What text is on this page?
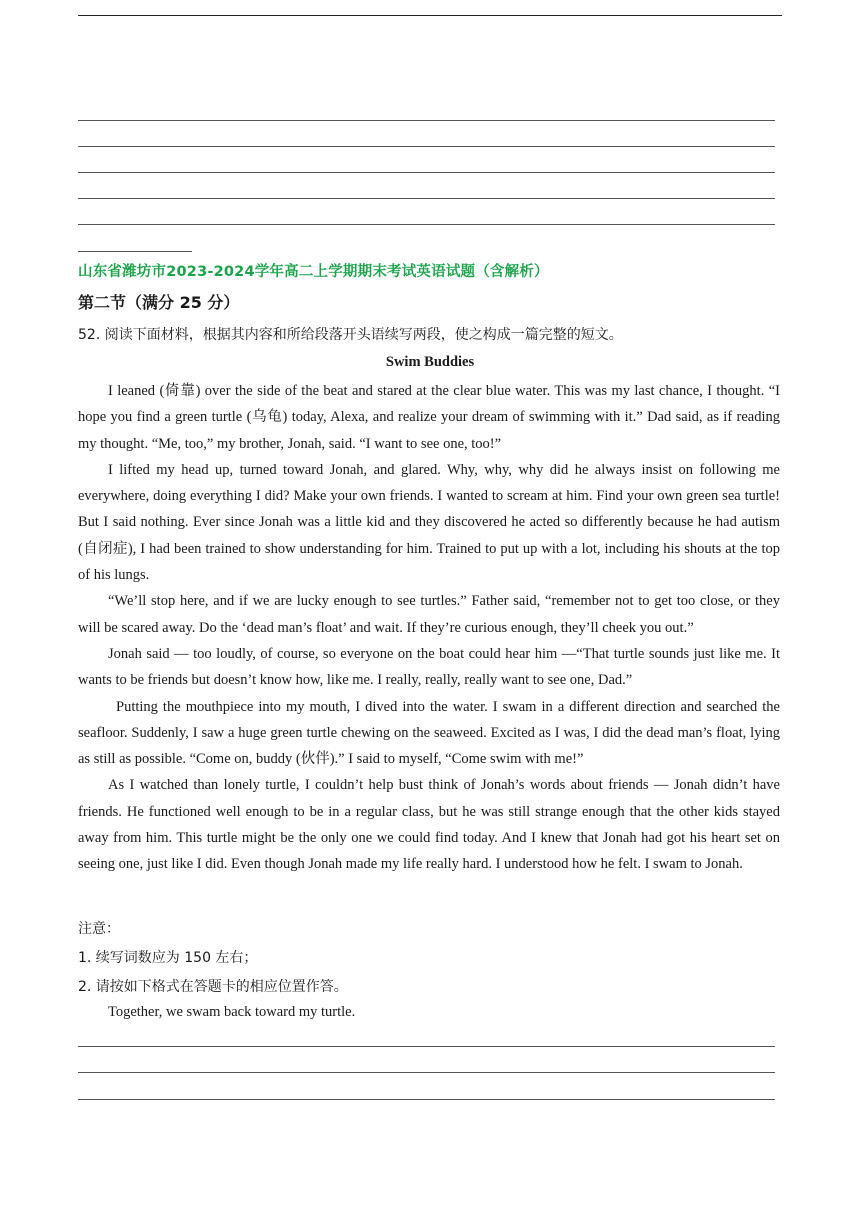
山东省潍坊市2023-2024学年高二上学期期末考试英语试题（含解析）
第二节（满分 25 分）
52. 阅读下面材料，根据其内容和所给段落开头语续写两段，使之构成一篇完整的短文。
Swim Buddies

I leaned (倚靠) over the side of the beat and stared at the clear blue water. This was my last chance, I thought. “I hope you find a green turtle (乌龟) today, Alexa, and realize your dream of swimming with it.” Dad said, as if reading my thought. “Me, too,” my brother, Jonah, said. “I want to see one, too!”

I lifted my head up, turned toward Jonah, and glared. Why, why, why did he always insist on following me everywhere, doing everything I did? Make your own friends. I wanted to scream at him. Find your own green sea turtle! But I said nothing. Ever since Jonah was a little kid and they discovered he acted so differently because he had autism (自闭症), I had been trained to show understanding for him. Trained to put up with a lot, including his shouts at the top of his lungs.

“We’ll stop here, and if we are lucky enough to see turtles.” Father said, “remember not to get too close, or they will be scared away. Do the ‘dead man’s float’ and wait. If they’re curious enough, they’ll cheek you out.”

Jonah said — too loudly, of course, so everyone on the boat could hear him —“That turtle sounds just like me. It wants to be friends but doesn’t know how, like me. I really, really, really want to see one, Dad.”

Putting the mouthpiece into my mouth, I dived into the water. I swam in a different direction and searched the seafloor. Suddenly, I saw a huge green turtle chewing on the seaweed. Excited as I was, I did the dead man’s float, lying as still as possible. “Come on, buddy (伙伴).” I said to myself, “Come swim with me!”

As I watched than lonely turtle, I couldn’t help bust think of Jonah’s words about friends — Jonah didn’t have friends. He functioned well enough to be in a regular class, but he was still strange enough that the other kids stayed away from him. This turtle might be the only one we could find today. And I knew that Jonah had got his heart set on seeing one, just like I did. Even though Jonah made my life really hard. I understood how he felt. I swam to Jonah.

注意：
1. 续写词数应为 150 左右；
2. 请按如下格式在答题卡的相应位置作答。
Together, we swam back toward my turtle.
